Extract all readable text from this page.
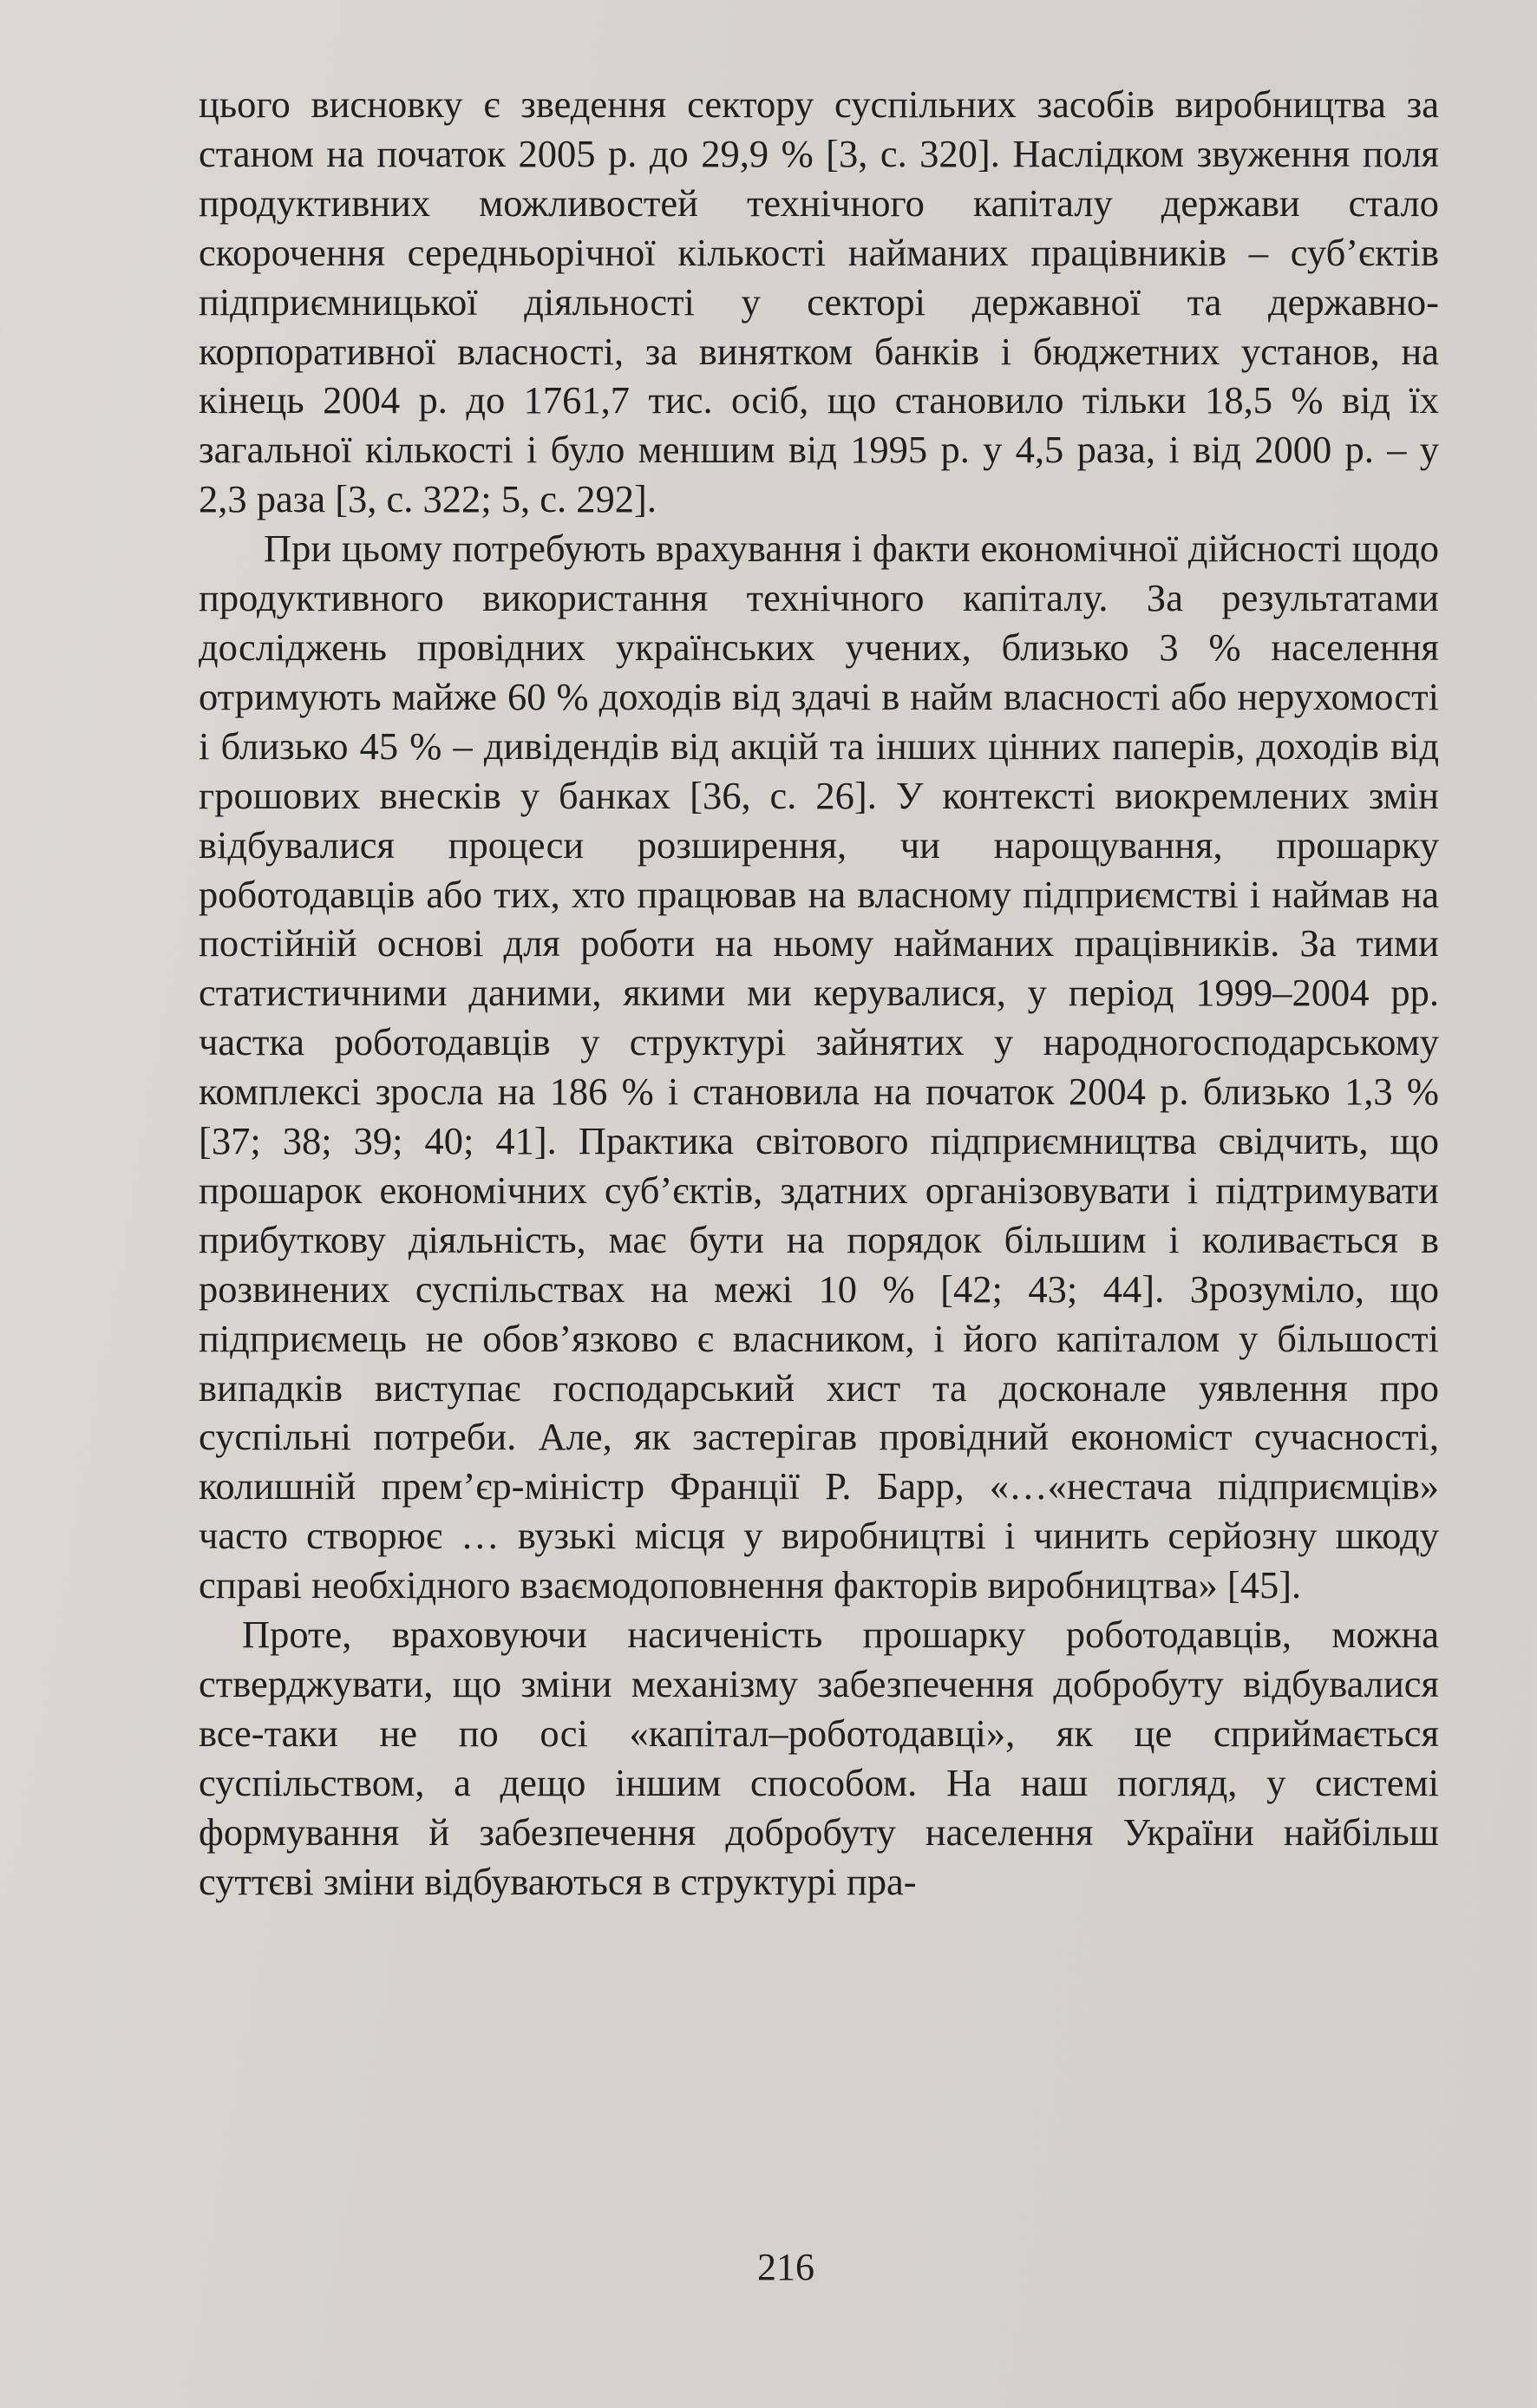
цього висновку є зведення сектору суспільних засобів виробництва за станом на початок 2005 р. до 29,9 % [3, с. 320]. Наслідком звуження поля продуктивних можливостей технічного капіталу держави стало скорочення середньорічної кількості найманих працівників – суб’єктів підприємницької діяльності у секторі державної та державно-корпоративної власності, за винятком банків і бюджетних установ, на кінець 2004 р. до 1761,7 тис. осіб, що становило тільки 18,5 % від їх загальної кількості і було меншим від 1995 р. у 4,5 раза, і від 2000 р. – у 2,3 раза [3, с. 322; 5, с. 292].

При цьому потребують врахування і факти економічної дійсності щодо продуктивного використання технічного капіталу. За результатами досліджень провідних українських учених, близько 3 % населення отримують майже 60 % доходів від здачі в найм власності або нерухомості і близько 45 % – дивідендів від акцій та інших цінних паперів, доходів від грошових внесків у банках [36, с. 26]. У контексті виокремлених змін відбувалися процеси розширення, чи нарощування, прошарку роботодавців або тих, хто працював на власному підприємстві і наймав на постійній основі для роботи на ньому найманих працівників. За тими статистичними даними, якими ми керувалися, у період 1999–2004 рр. частка роботодавців у структурі зайнятих у народногосподарському комплексі зросла на 186 % і становила на початок 2004 р. близько 1,3 % [37; 38; 39; 40; 41]. Практика світового підприємництва свідчить, що прошарок економічних суб’єктів, здатних організовувати і підтримувати прибуткову діяльність, має бути на порядок більшим і коливається в розвинених суспільствах на межі 10 % [42; 43; 44]. Зрозуміло, що підприємець не обов’язково є власником, і його капіталом у більшості випадків виступає господарський хист та досконале уявлення про суспільні потреби. Але, як застерігав провідний економіст сучасності, колишній прем’єр-міністр Франції Р. Барр, «…«нестача підприємців» часто створює … вузькі місця у виробництві і чинить серйозну шкоду справі необхідного взаємодоповнення факторів виробництва» [45].

Проте, враховуючи насиченість прошарку роботодавців, можна стверджувати, що зміни механізму забезпечення добробуту відбувалися все-таки не по осі «капітал–роботодавці», як це сприймається суспільством, а дещо іншим способом. На наш погляд, у системі формування й забезпечення добробуту населення України найбільш суттєві зміни відбуваються в структурі пра-

216
